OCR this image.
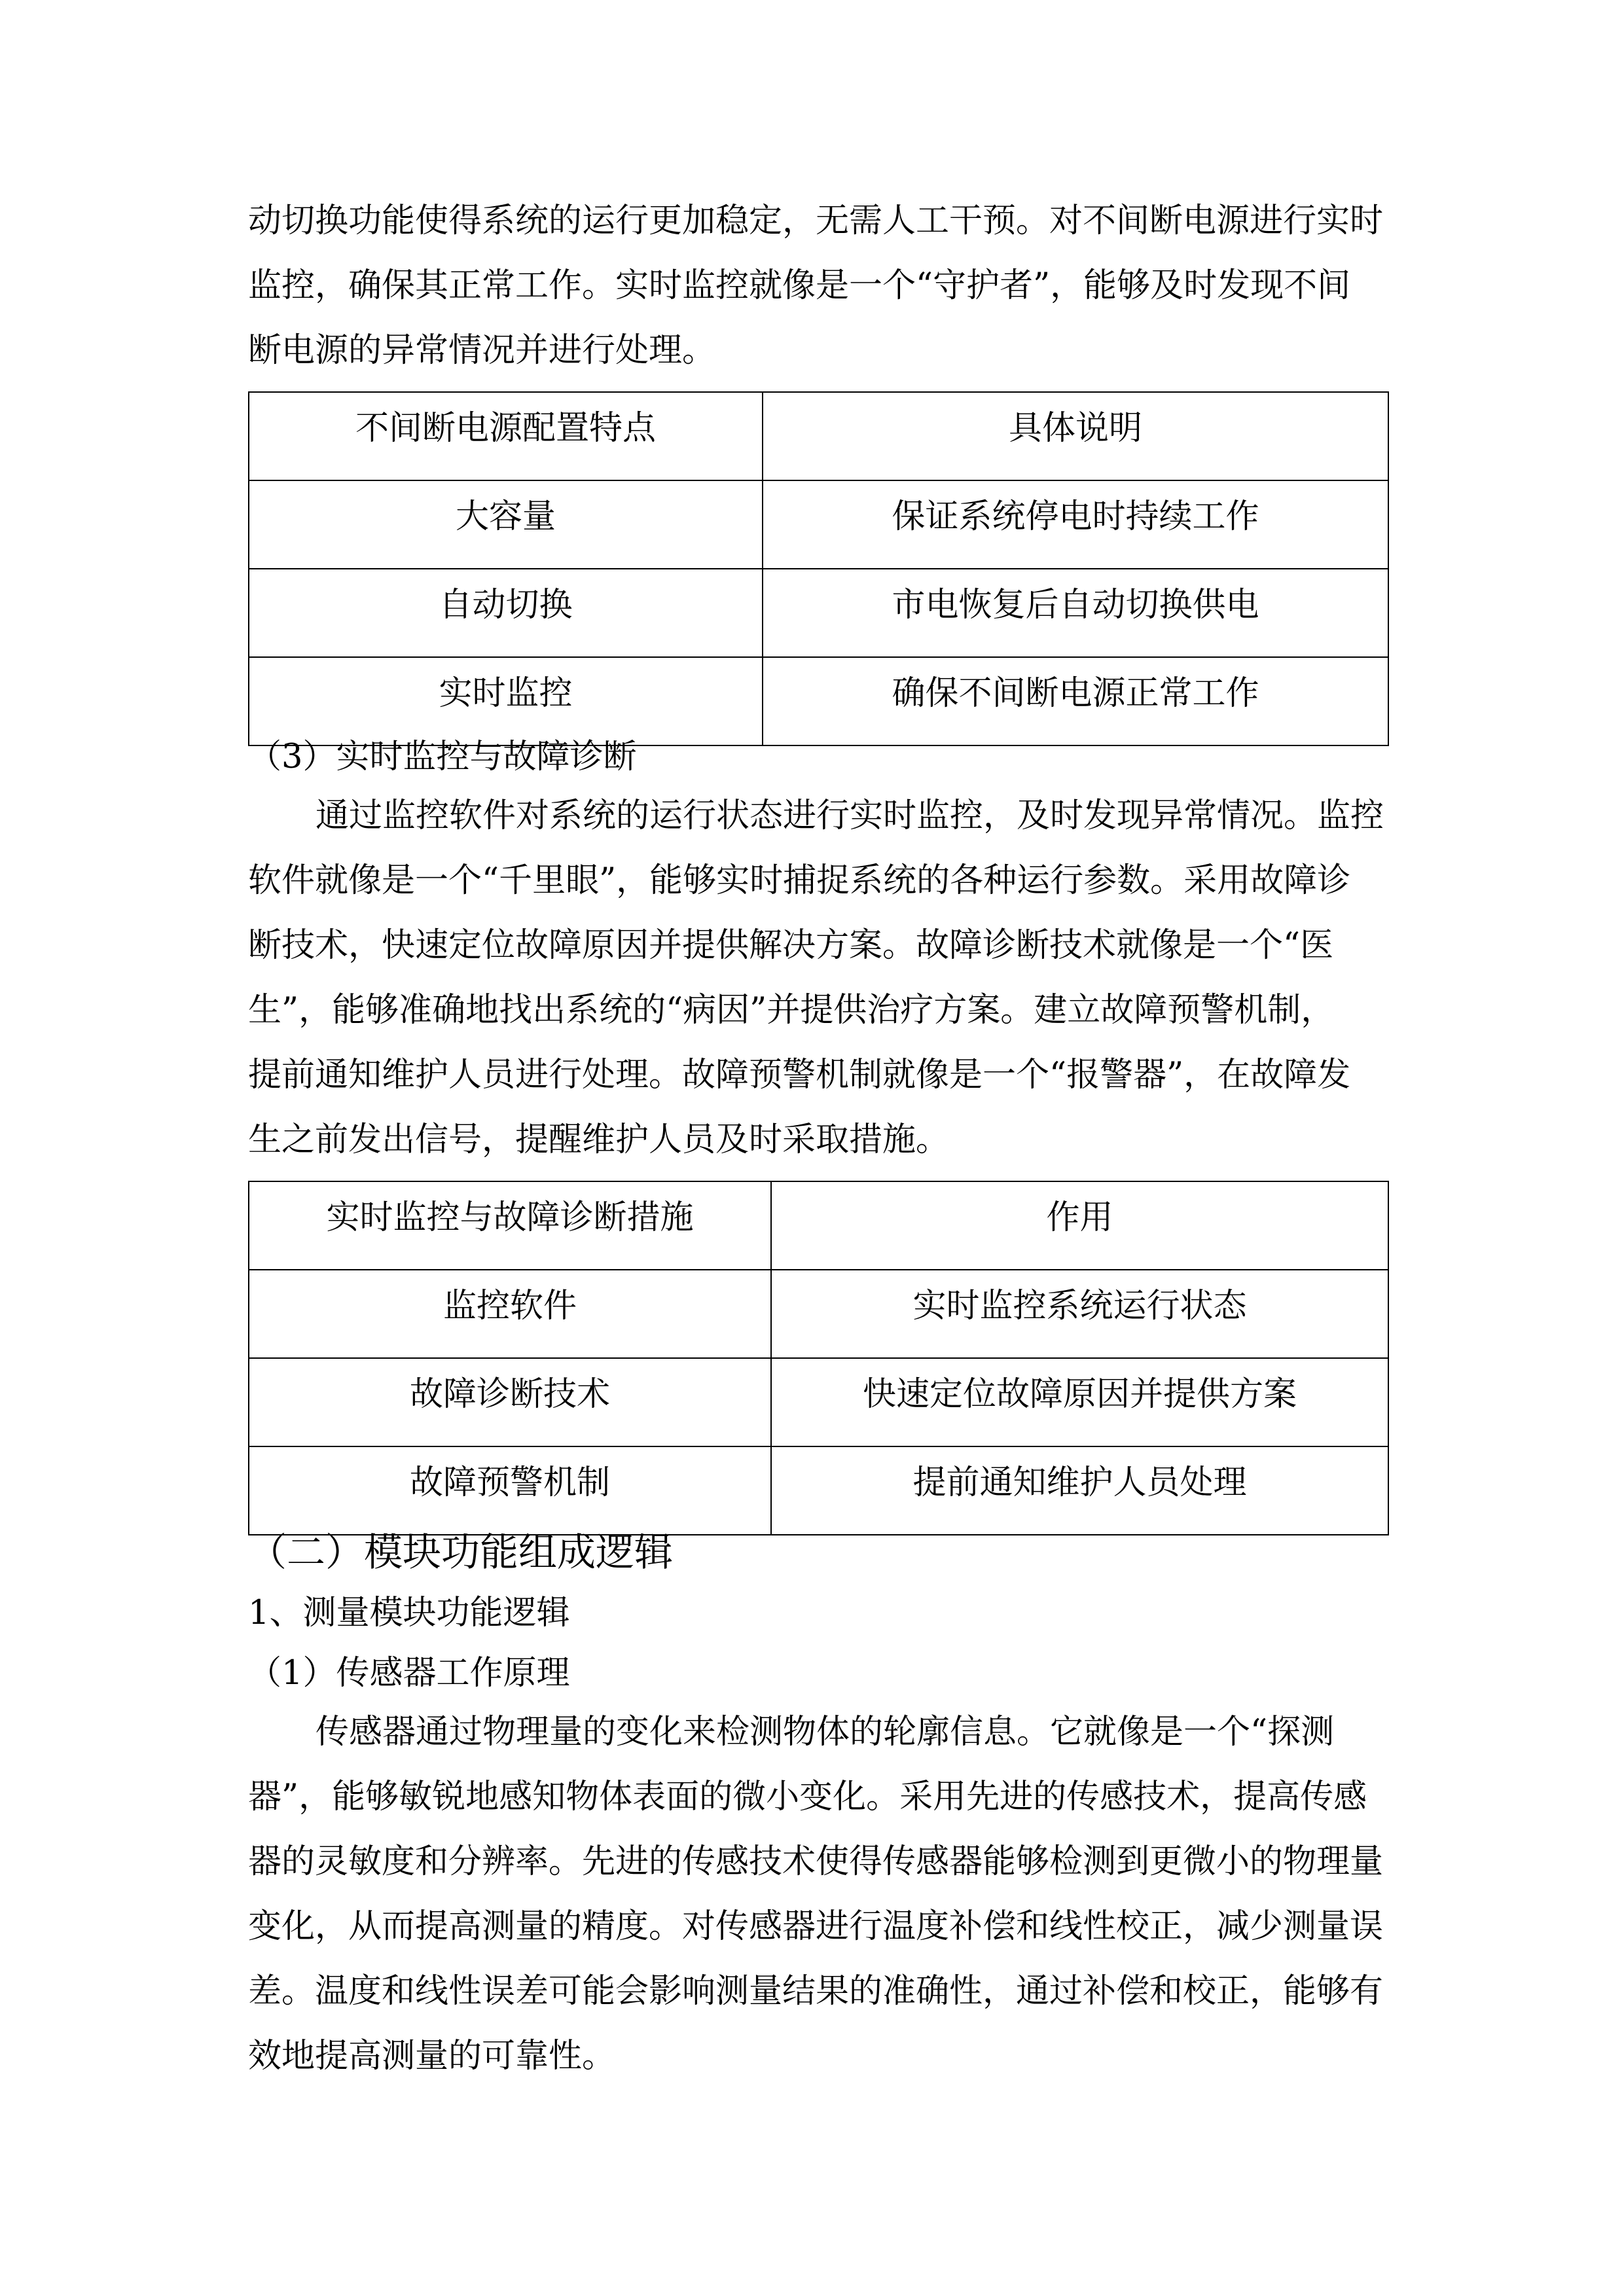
动切换功能使得系统的运行更加稳定，无需人工干预。对不间断电源进行实时
监控，确保其正常工作。实时监控就像是一个“守护者”，能够及时发现不间
断电源的异常情况并进行处理。
不间断电源配置特点	具体说明
大容量	保证系统停电时持续工作
自动切换	市电恢复后自动切换供电
实时监控	确保不间断电源正常工作
（3）实时监控与故障诊断
通过监控软件对系统的运行状态进行实时监控，及时发现异常情况。监控
软件就像是一个“千里眼”，能够实时捕捉系统的各种运行参数。采用故障诊
断技术，快速定位故障原因并提供解决方案。故障诊断技术就像是一个“医
生”，能够准确地找出系统的“病因”并提供治疗方案。建立故障预警机制，
提前通知维护人员进行处理。故障预警机制就像是一个“报警器”，在故障发
生之前发出信号，提醒维护人员及时采取措施。
实时监控与故障诊断措施	作用
监控软件	实时监控系统运行状态
故障诊断技术	快速定位故障原因并提供方案
故障预警机制	提前通知维护人员处理
（二）模块功能组成逻辑
1、测量模块功能逻辑
（1）传感器工作原理
传感器通过物理量的变化来检测物体的轮廓信息。它就像是一个“探测
器”，能够敏锐地感知物体表面的微小变化。采用先进的传感技术，提高传感
器的灵敏度和分辨率。先进的传感技术使得传感器能够检测到更微小的物理量
变化，从而提高测量的精度。对传感器进行温度补偿和线性校正，减少测量误
差。温度和线性误差可能会影响测量结果的准确性，通过补偿和校正，能够有
效地提高测量的可靠性。
